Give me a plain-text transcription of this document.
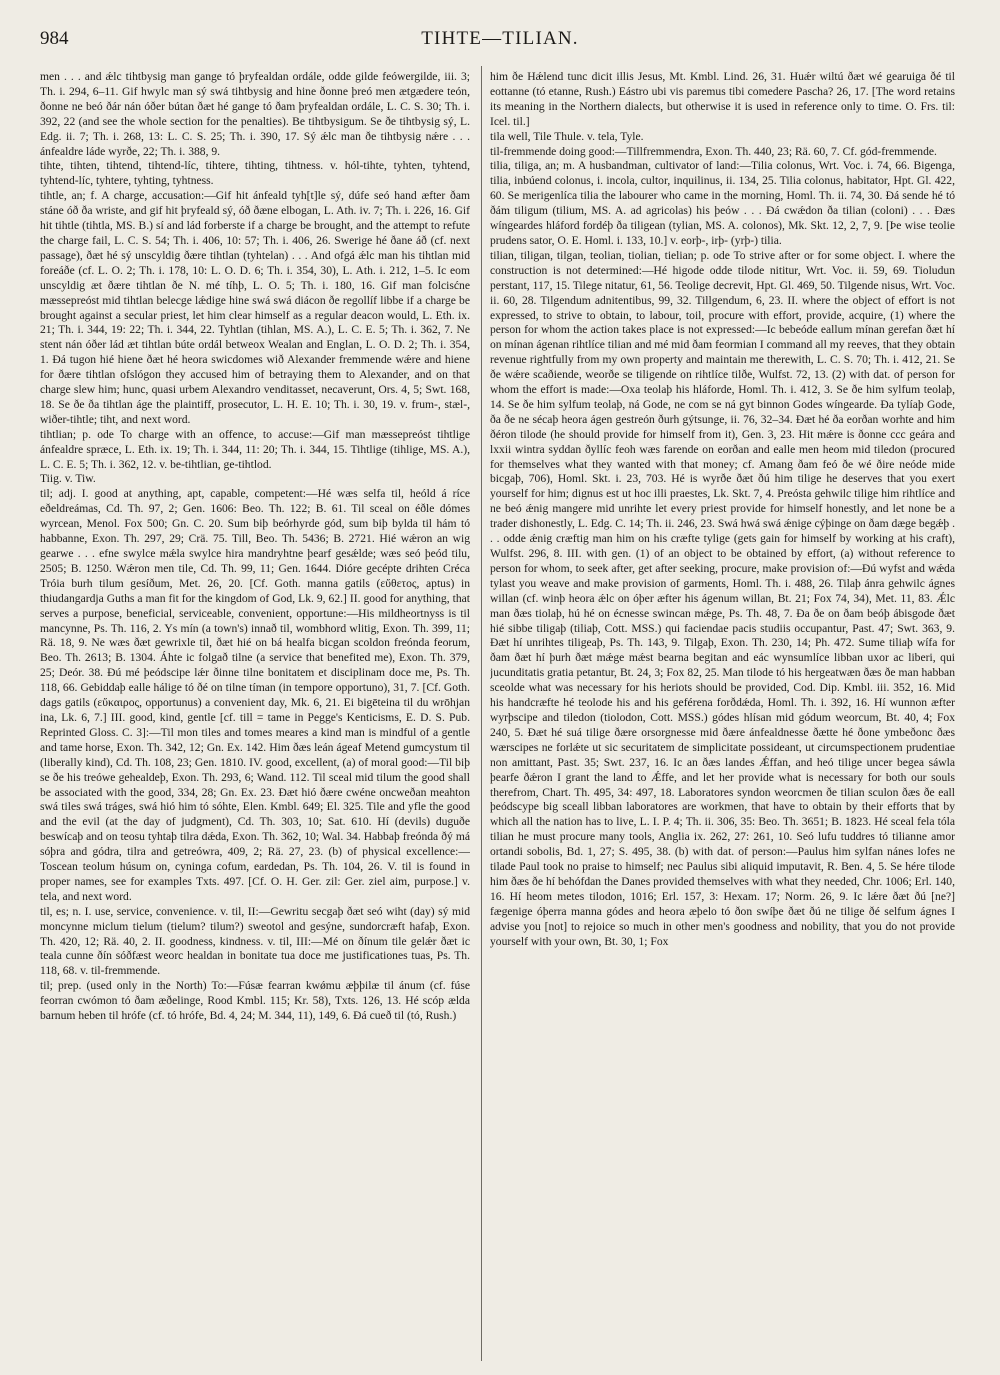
984	TIHTE—TILIAN.

men . . . and ǽlc tihtbysig man gange tó þryfealdan ordále, odde gilde feówergilde, iii. 3; Th. i. 294, 6–11. Gif hwylc man sý swá tihtbysig and hine ðonne þreó men ætgædere teón, ðonne ne beó ðár nán óðer bútan ðæt hé gange tó ðam þryfealdan ordále, L. C. S. 30; Th. i. 392, 22 (and see the whole section for the penalties). Be tihtbysigum. Se ðe tihtbysig sý, L. Edg. ii. 7; Th. i. 268, 13: L. C. S. 25; Th. i. 390, 17. Sý ǽlc man ðe tihtbysig nǽre . . . ánfealdre láde wyrðe, 22; Th. i. 388, 9.

tihte, tihten, tihtend, tihtend-líc, tihtere, tihting, tihtness. v. hól-tihte, tyhten, tyhtend, tyhtend-líc, tyhtere, tyhting, tyhtness.

tihtle, an; f. A charge, accusation:—Gif hit ánfeald tyh[t]le sý, dúfe seó hand æfter ðam stáne óð ða wriste, and gif hit þryfeald sý, óð ðæne elbogan, L. Ath. iv. 7; Th. i. 226, 16. Gif hit tihtle (tihtla, MS. B.) sí and lád forberste if a charge be brought, and the attempt to refute the charge fail, L. C. S. 54; Th. i. 406, 10: 57; Th. i. 406, 26. Swerige hé ðane áð (cf. next passage), ðæt hé sý unscyldig ðære tihtlan (tyhtelan) . . . And ofgá ǽlc man his tihtlan mid foreáðe (cf. L. O. 2; Th. i. 178, 10: L. O. D. 6; Th. i. 354, 30), L. Ath. i. 212, 1–5. Ic eom unscyldig æt ðære tihtlan ðe N. mé tíhþ, L. O. 5; Th. i. 180, 16. Gif man folcisćne mæssepreóst mid tihtlan belecge lǽdige hine swá swá diácon ðe regollíf libbe if a charge be brought against a secular priest, let him clear himself as a regular deacon would, L. Eth. ix. 21; Th. i. 344, 19: 22; Th. i. 344, 22. Tyhtlan (tihlan, MS. A.), L. C. E. 5; Th. i. 362, 7. Ne stent nán óðer lád æt tihtlan búte ordál betweox Wealan and Englan, L. O. D. 2; Th. i. 354, 1. Ðá tugon hié hiene ðæt hé heora swicdomes wið Alexander fremmende wǽre and hiene for ðære tihtlan ofslógon they accused him of betraying them to Alexander, and on that charge slew him; hunc, quasi urbem Alexandro venditasset, necaverunt, Ors. 4, 5; Swt. 168, 18. Se ðe ða tihtlan áge the plaintiff, prosecutor, L. H. E. 10; Th. i. 30, 19. v. frum-, stæl-, wiðer-tihtle; tiht, and next word.

tihtlian; p. ode To charge with an offence, to accuse:—Gif man mæssepreóst tihtlige ánfealdre spræce, L. Eth. ix. 19; Th. i. 344, 11: 20; Th. i. 344, 15. Tihtlige (tihlige, MS. A.), L. C. E. 5; Th. i. 362, 12. v. be-tihtlian, ge-tihtlod.

Tiig. v. Tiw.

til; adj. I. good at anything, apt, capable, competent:—Hé wæs selfa til, heóld á ríce eðeldreámas, Cd. Th. 97, 2; Gen. 1606: Beo. Th. 122; B. 61. Til sceal on éðle dómes wyrcean, Menol. Fox 500; Gn. C. 20. Sum biþ beórhyrde gód, sum biþ bylda til hám tó habbanne, Exon. Th. 297, 29; Crä. 75. Till, Beo. Th. 5436; B. 2721. Hié wǽron an wig gearwe . . . efne swylce mǽla swylce hira mandryhtne þearf gesǽlde; wæs seó þeód tilu, 2505; B. 1250. Wǽron men tile, Cd. Th. 99, 11; Gen. 1644. Dióre gecépte drihten Créca Tróia burh tilum gesíðum, Met. 26, 20. [Cf. Goth. manna gatils (εὔθετος, aptus) in thiudangardja Guths a man fit for the kingdom of God, Lk. 9, 62.] II. good for anything, that serves a purpose, beneficial, serviceable, convenient, opportune:—His mildheortnyss is til mancynne, Ps. Th. 116, 2. Ys mín (a town's) innað til, wombhord wlitig, Exon. Th. 399, 11; Rä. 18, 9. Ne wæs ðæt gewrixle til, ðæt hié on bá healfa bicgan scoldon freónda feorum, Beo. Th. 2613; B. 1304. Áhte ic folgað tilne (a service that benefited me), Exon. Th. 379, 25; Deór. 38. Ðú mé þeódscipe lǽr ðinne tilne bonitatem et disciplinam doce me, Ps. Th. 118, 66. Gebiddaþ ealle hálige tó ðé on tilne tíman (in tempore opportuno), 31, 7. [Cf. Goth. dags gatils (εὔκαιρος, opportunus) a convenient day, Mk. 6, 21. Ei bigēteina til du wrōhjan ina, Lk. 6, 7.] III. good, kind, gentle [cf. till = tame in Pegge's Kenticisms, E. D. S. Pub. Reprinted Gloss. C. 3]:—Til mon tiles and tomes meares a kind man is mindful of a gentle and tame horse, Exon. Th. 342, 12; Gn. Ex. 142. Him ðæs leán ágeaf Metend gumcystum til (liberally kind), Cd. Th. 108, 23; Gen. 1810. IV. good, excellent, (a) of moral good:—Til biþ se ðe his treówe gehealdeþ, Exon. Th. 293, 6; Wand. 112. Til sceal mid tilum the good shall be associated with the good, 334, 28; Gn. Ex. 23. Ðæt hió ðære cwéne oncweðan meahton swá tiles swá tráges, swá hió him tó sóhte, Elen. Kmbl. 649; El. 325. Tile and yfle the good and the evil (at the day of judgment), Cd. Th. 303, 10; Sat. 610. Hí (devils) duguðe beswícaþ and on teosu tyhtaþ tilra dǽda, Exon. Th. 362, 10; Wal. 34. Habbaþ freónda ðý má sóþra and gódra, tilra and getreówra, 409, 2; Rä. 27, 23. (b) of physical excellence:—Toscean teolum húsum on, cyninga cofum, eardedan, Ps. Th. 104, 26. V. til is found in proper names, see for examples Txts. 497. [Cf. O. H. Ger. zil: Ger. ziel aim, purpose.] v. tela, and next word.

til, es; n. I. use, service, convenience. v. til, II:—Gewritu secgaþ ðæt seó wiht (day) sý mid moncynne miclum tielum (tielum? tilum?) sweotol and gesýne, sundorcræft hafaþ, Exon. Th. 420, 12; Rä. 40, 2. II. goodness, kindness. v. til, III:—Mé on ðínum tile gelǽr ðæt ic teala cunne ðín sóðfæst weorc healdan in bonitate tua doce me justificationes tuas, Ps. Th. 118, 68. v. til-fremmende.

til; prep. (used only in the North) To:—Fúsæ fearran kwǿmu æþþilæ til ánum (cf. fúse feorran cwómon tó ðam æðelinge, Rood Kmbl. 115; Kr. 58), Txts. 126, 13. Hé scóp ælda barnum heben til hrófe (cf. tó hrófe, Bd. 4, 24; M. 344, 11), 149, 6. Ðá cueð til (tó, Rush.)

him ðe Hǽlend tunc dicit illis Jesus, Mt. Kmbl. Lind. 26, 31. Huǽr wiltú ðæt wé gearuiga ðé til eottanne (tó etanne, Rush.) Eástro ubi vis paremus tibi comedere Pascha? 26, 17. [The word retains its meaning in the Northern dialects, but otherwise it is used in reference only to time. O. Frs. til: Icel. til.]

tila well, Tile Thule. v. tela, Tyle.

til-fremmende doing good:—Tillfremmendra, Exon. Th. 440, 23; Rä. 60, 7. Cf. gód-fremmende.

tilia, tiliga, an; m. A husbandman, cultivator of land:—Tilia colonus, Wrt. Voc. i. 74, 66. Bigenga, tilia, inbúend colonus, i. incola, cultor, inquilinus, ii. 134, 25. Tilia colonus, habitator, Hpt. Gl. 422, 60. Se merigenlíca tilia the labourer who came in the morning, Homl. Th. ii. 74, 30. Ðá sende hé tó ðám tiligum (tilium, MS. A. ad agricolas) his þeów . . . Ðá cwǽdon ða tilian (coloni) . . . Ðæs wíngeardes hláford fordéþ ða tiligean (tylian, MS. A. colonos), Mk. Skt. 12, 2, 7, 9. [Þe wise teolie prudens sator, O. E. Homl. i. 133, 10.] v. eorþ-, irþ- (yrþ-) tilia.

tilian, tiligan, tilgan, teolian, tiolian, tielian; p. ode To strive after or for some object. I. where the construction is not determined:—Hé higode odde tilode nititur, Wrt. Voc. ii. 59, 69. Tioludun perstant, 117, 15. Tilege nitatur, 61, 56. Teolige decrevit, Hpt. Gl. 469, 50. Tilgende nisus, Wrt. Voc. ii. 60, 28. Tilgendum adnitentibus, 99, 32. Tillgendum, 6, 23. II. where the object of effort is not expressed, to strive to obtain, to labour, toil, procure with effort, provide, acquire, (1) where the person for whom the action takes place is not expressed:—Ic bebeóde eallum mínan gerefan ðæt hí on mínan ágenan rihtlíce tilian and mé mid ðam feormian I command all my reeves, that they obtain revenue rightfully from my own property and maintain me therewith, L. C. S. 70; Th. i. 412, 21. Se ðe wǽre scaðiende, weorðe se tiligende on rihtlíce tilðe, Wulfst. 72, 13. (2) with dat. of person for whom the effort is made:—Oxa teolaþ his hláforde, Homl. Th. i. 412, 3. Se ðe him sylfum teolaþ, 14. Se ðe him sylfum teolaþ, ná Gode, ne com se ná gyt binnon Godes wíngearde. Ða tylíaþ Gode, ða ðe ne sécaþ heora ágen gestreón ðurh gýtsunge, ii. 76, 32–34. Ðæt hé ða eorðan worhte and him ðéron tilode (he should provide for himself from it), Gen. 3, 23. Hit mǽre is ðonne ccc geára and lxxii wintra syddan ðyllíc feoh wæs farende on eorðan and ealle men heom mid tiledon (procured for themselves what they wanted with that money; cf. Amang ðam feó ðe wé ðire neóde mide bicgaþ, 706), Homl. Skt. i. 23, 703. Hé is wyrðe ðæt ðú him tilige he deserves that you exert yourself for him; dignus est ut hoc illi praestes, Lk. Skt. 7, 4. Preósta gehwilc tilige him rihtlíce and ne beó ǽnig mangere mid unrihte let every priest provide for himself honestly, and let none be a trader dishonestly, L. Edg. C. 14; Th. ii. 246, 23. Swá hwá swá ǽnige cýþinge on ðam dæge begǽþ . . . odde ǽnig cræftig man him on his cræfte tylige (gets gain for himself by working at his craft), Wulfst. 296, 8. III. with gen. (1) of an object to be obtained by effort, (a) without reference to person for whom, to seek after, get after seeking, procure, make provision of:—Ðú wyfst and wǽda tylast you weave and make provision of garments, Homl. Th. i. 488, 26. Tilaþ ánra gehwilc ágnes willan (cf. winþ heora ǽlc on óþer æfter his ágenum willan, Bt. 21; Fox 74, 34), Met. 11, 83. Ǽlc man ðæs tiolaþ, hú hé on écnesse swincan mǽge, Ps. Th. 48, 7. Ða ðe on ðam beóþ ábisgode ðæt hié sibbe tiligaþ (tiliaþ, Cott. MSS.) qui faciendae pacis studiis occupantur, Past. 47; Swt. 363, 9. Ðæt hí unrihtes tiligeaþ, Ps. Th. 143, 9. Tilgaþ, Exon. Th. 230, 14; Ph. 472. Sume tiliaþ wífa for ðam ðæt hí þurh ðæt mǽge mǽst bearna begitan and eác wynsumlíce libban uxor ac liberi, qui jucunditatis gratia petantur, Bt. 24, 3; Fox 82, 25. Man tilode tó his hergeatwæn ðæs ðe man habban sceolde what was necessary for his heriots should be provided, Cod. Dip. Kmbl. iii. 352, 16. Mid his handcræfte hé teolode his and his geférena forðdǽda, Homl. Th. i. 392, 16. Hí wunnon æfter wyrþscipe and tiledon (tiolodon, Cott. MSS.) gódes hlísan mid gódum weorcum, Bt. 40, 4; Fox 240, 5. Ðæt hé suá tilige ðære orsorgnesse mid ðære ánfealdnesse ðætte hé ðone ymbeðonc ðæs wærscipes ne forlǽte ut sic securitatem de simplicitate possideant, ut circumspectionem prudentiae non amittant, Past. 35; Swt. 237, 16. Ic an ðæs landes Ǽffan, and heó tilige uncer begea sáwla þearfe ðǽron I grant the land to Ǽffe, and let her provide what is necessary for both our souls therefrom, Chart. Th. 495, 34: 497, 18. Laboratores syndon weorcmen ðe tilian sculon ðæs ðe eall þeódscype big sceall libban laboratores are workmen, that have to obtain by their efforts that by which all the nation has to live, L. I. P. 4; Th. ii. 306, 35: Beo. Th. 3651; B. 1823. Hé sceal fela tóla tilian he must procure many tools, Anglia ix. 262, 27: 261, 10. Seó lufu tuddres tó tilianne amor ortandi sobolis, Bd. 1, 27; S. 495, 38. (b) with dat. of person:—Paulus him sylfan nánes lofes ne tilade Paul took no praise to himself; nec Paulus sibi aliquid imputavit, R. Ben. 4, 5. Se hére tilode him ðæs ðe hí behófdan the Danes provided themselves with what they needed, Chr. 1006; Erl. 140, 16. Hí heom metes tilodon, 1016; Erl. 157, 3: Hexam. 17; Norm. 26, 9. Ic lǽre ðæt ðú [ne?] fægenige óþerra manna gódes and heora æþelo tó ðon swíþe ðæt ðú ne tilige ðé selfum ágnes I advise you [not] to rejoice so much in other men's goodness and nobility, that you do not provide yourself with your own, Bt. 30, 1; Fox
